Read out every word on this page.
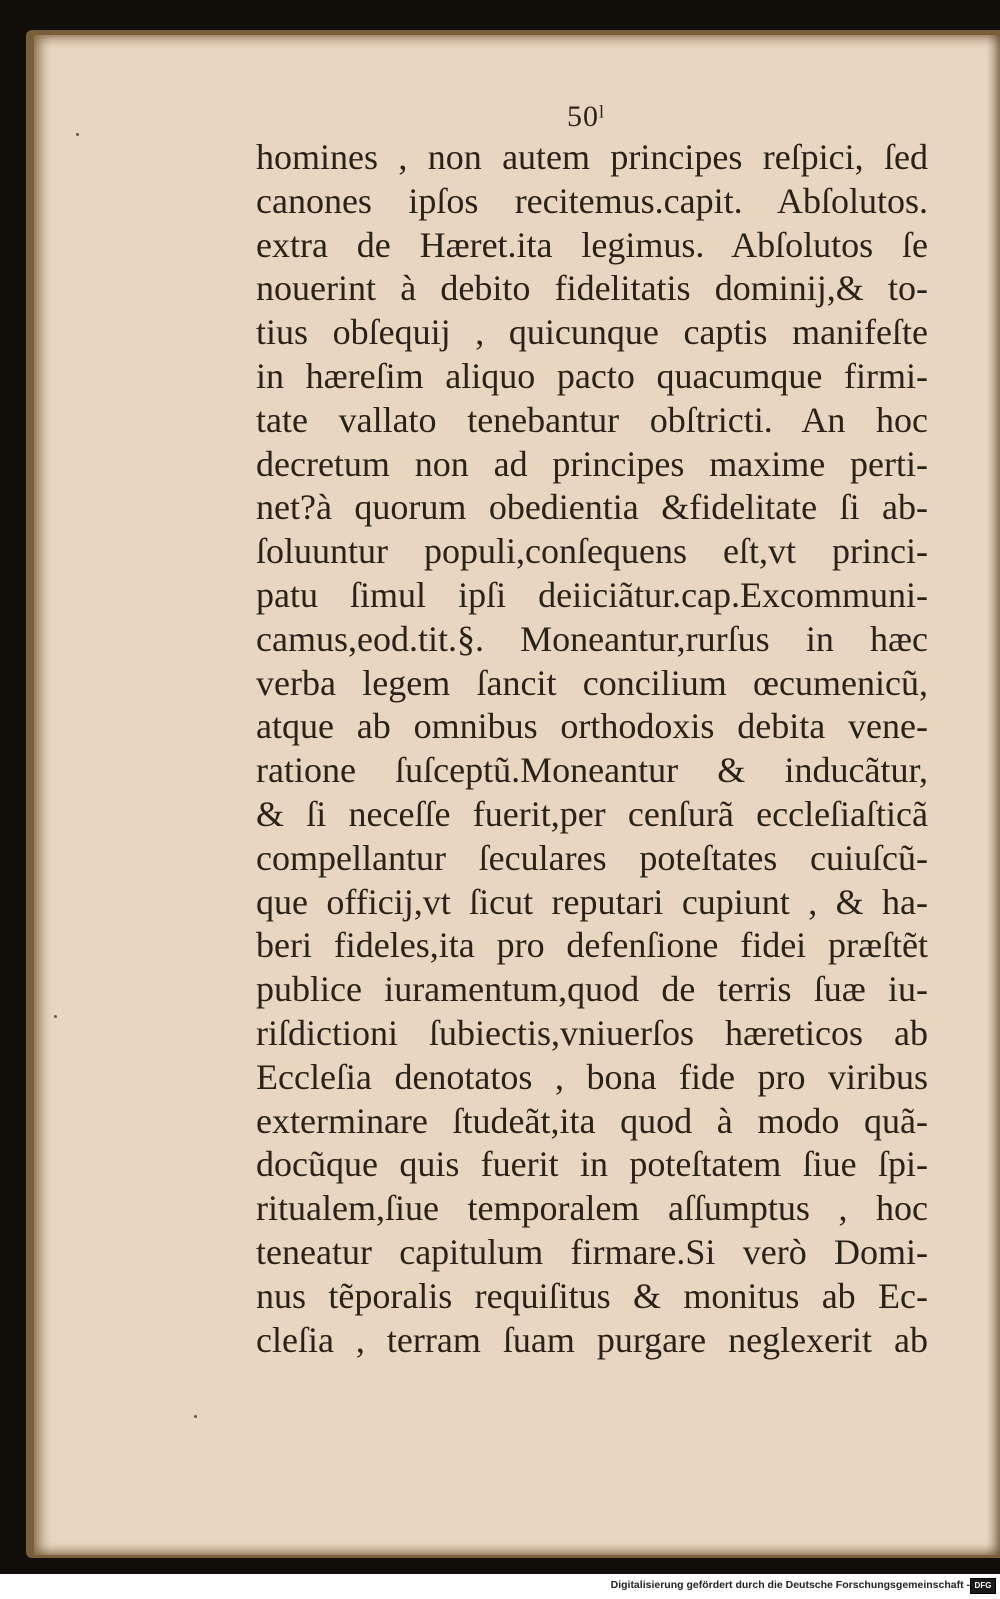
50ˡ
homines , non autem principes reſpici, ſed
canones ipſos recitemus.capit. Abſolutos.
extra de Hæret.ita legimus. Abſolutos ſe
nouerint à debito fidelitatis dominij,& to-
tius obſequij , quicunque captis manifeſte
in hæreſim aliquo pacto quacumque firmi-
tate vallato tenebantur obſtricti. An hoc
decretum non ad principes maxime perti-
net?à quorum obedientia &fidelitate ſi ab-
ſoluuntur populi,conſequens eſt,vt princi-
patu ſimul ipſi deiiciãtur.cap.Excommuni-
camus,eod.tit.§. Moneantur,rurſus in hæc
verba legem ſancit concilium œcumenicũ,
atque ab omnibus orthodoxis debita vene-
ratione ſuſceptũ.Moneantur & inducãtur,
& ſi neceſſe fuerit,per cenſurã eccleſiaſticã
compellantur ſeculares poteſtates cuiuſcũ-
que officij,vt ſicut reputari cupiunt , & ha-
beri fideles,ita pro defenſione fidei præſtẽt
publice iuramentum,quod de terris ſuæ iu-
riſdictioni ſubiectis,vniuerſos hæreticos ab
Eccleſia denotatos , bona fide pro viribus
exterminare ſtudeãt,ita quod à modo quã-
docũque quis fuerit in poteſtatem ſiue ſpi-
ritualem,ſiue temporalem aſſumptus , hoc
teneatur capitulum firmare.Si verò Domi-
nus tẽporalis requiſitus & monitus ab Ec-
cleſia , terram ſuam purgare neglexerit ab
Digitalisierung gefördert durch die Deutsche Forschungsgemeinschaft - DFG
